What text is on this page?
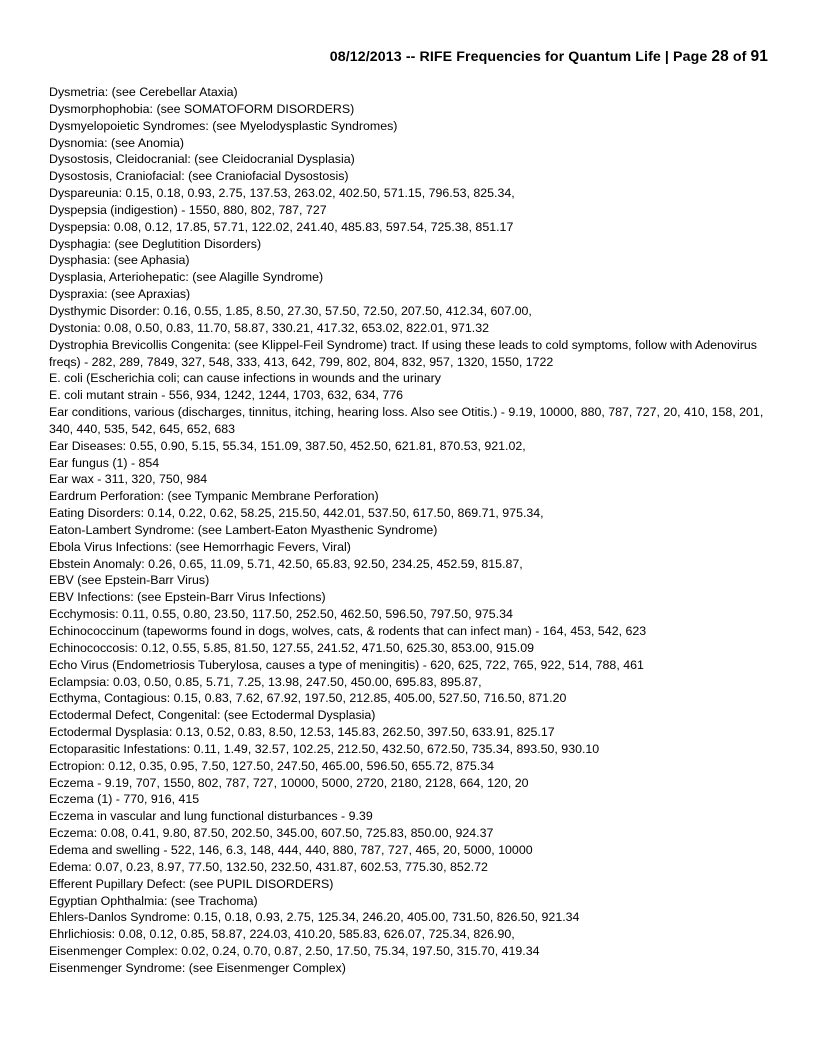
08/12/2013 -- RIFE Frequencies for Quantum Life | Page 28 of 91
Dysmetria: (see Cerebellar Ataxia)
Dysmorphophobia: (see SOMATOFORM DISORDERS)
Dysmyelopoietic Syndromes: (see Myelodysplastic Syndromes)
Dysnomia: (see Anomia)
Dysostosis, Cleidocranial: (see Cleidocranial Dysplasia)
Dysostosis, Craniofacial: (see Craniofacial Dysostosis)
Dyspareunia: 0.15, 0.18, 0.93, 2.75, 137.53, 263.02, 402.50, 571.15, 796.53, 825.34,
Dyspepsia (indigestion) - 1550, 880, 802, 787, 727
Dyspepsia: 0.08, 0.12, 17.85, 57.71, 122.02, 241.40, 485.83, 597.54, 725.38, 851.17
Dysphagia: (see Deglutition Disorders)
Dysphasia: (see Aphasia)
Dysplasia, Arteriohepatic: (see Alagille Syndrome)
Dyspraxia: (see Apraxias)
Dysthymic Disorder: 0.16, 0.55, 1.85, 8.50, 27.30, 57.50, 72.50, 207.50, 412.34, 607.00,
Dystonia: 0.08, 0.50, 0.83, 11.70, 58.87, 330.21, 417.32, 653.02, 822.01, 971.32
Dystrophia Brevicollis Congenita: (see Klippel-Feil Syndrome) tract. If using these leads to cold symptoms, follow with Adenovirus freqs) - 282, 289, 7849, 327, 548, 333, 413, 642, 799, 802, 804, 832, 957, 1320, 1550, 1722
E. coli (Escherichia coli; can cause infections in wounds and the urinary
E. coli mutant strain - 556, 934, 1242, 1244, 1703, 632, 634, 776
Ear conditions, various (discharges, tinnitus, itching, hearing loss. Also see Otitis.) - 9.19, 10000, 880, 787, 727, 20, 410, 158, 201, 340, 440, 535, 542, 645, 652, 683
Ear Diseases: 0.55, 0.90, 5.15, 55.34, 151.09, 387.50, 452.50, 621.81, 870.53, 921.02,
Ear fungus (1) - 854
Ear wax - 311, 320, 750, 984
Eardrum Perforation: (see Tympanic Membrane Perforation)
Eating Disorders: 0.14, 0.22, 0.62, 58.25, 215.50, 442.01, 537.50, 617.50, 869.71, 975.34,
Eaton-Lambert Syndrome: (see Lambert-Eaton Myasthenic Syndrome)
Ebola Virus Infections: (see Hemorrhagic Fevers, Viral)
Ebstein Anomaly: 0.26, 0.65, 11.09, 5.71, 42.50, 65.83, 92.50, 234.25, 452.59, 815.87,
EBV (see Epstein-Barr Virus)
EBV Infections: (see Epstein-Barr Virus Infections)
Ecchymosis: 0.11, 0.55, 0.80, 23.50, 117.50, 252.50, 462.50, 596.50, 797.50, 975.34
Echinococcinum (tapeworms found in dogs, wolves, cats, & rodents that can infect man) - 164, 453, 542, 623
Echinococcosis: 0.12, 0.55, 5.85, 81.50, 127.55, 241.52, 471.50, 625.30, 853.00, 915.09
Echo Virus (Endometriosis Tuberylosa, causes a type of meningitis) - 620, 625, 722, 765, 922, 514, 788, 461
Eclampsia: 0.03, 0.50, 0.85, 5.71, 7.25, 13.98, 247.50, 450.00, 695.83, 895.87,
Ecthyma, Contagious: 0.15, 0.83, 7.62, 67.92, 197.50, 212.85, 405.00, 527.50, 716.50, 871.20
Ectodermal Defect, Congenital: (see Ectodermal Dysplasia)
Ectodermal Dysplasia: 0.13, 0.52, 0.83, 8.50, 12.53, 145.83, 262.50, 397.50, 633.91, 825.17
Ectoparasitic Infestations: 0.11, 1.49, 32.57, 102.25, 212.50, 432.50, 672.50, 735.34, 893.50, 930.10
Ectropion: 0.12, 0.35, 0.95, 7.50, 127.50, 247.50, 465.00, 596.50, 655.72, 875.34
Eczema - 9.19, 707, 1550, 802, 787, 727, 10000, 5000, 2720, 2180, 2128, 664, 120, 20
Eczema (1) - 770, 916, 415
Eczema in vascular and lung functional disturbances - 9.39
Eczema: 0.08, 0.41, 9.80, 87.50, 202.50, 345.00, 607.50, 725.83, 850.00, 924.37
Edema and swelling - 522, 146, 6.3, 148, 444, 440, 880, 787, 727, 465, 20, 5000, 10000
Edema: 0.07, 0.23, 8.97, 77.50, 132.50, 232.50, 431.87, 602.53, 775.30, 852.72
Efferent Pupillary Defect: (see PUPIL DISORDERS)
Egyptian Ophthalmia: (see Trachoma)
Ehlers-Danlos Syndrome: 0.15, 0.18, 0.93, 2.75, 125.34, 246.20, 405.00, 731.50, 826.50, 921.34
Ehrlichiosis: 0.08, 0.12, 0.85, 58.87, 224.03, 410.20, 585.83, 626.07, 725.34, 826.90,
Eisenmenger Complex: 0.02, 0.24, 0.70, 0.87, 2.50, 17.50, 75.34, 197.50, 315.70, 419.34
Eisenmenger Syndrome: (see Eisenmenger Complex)
